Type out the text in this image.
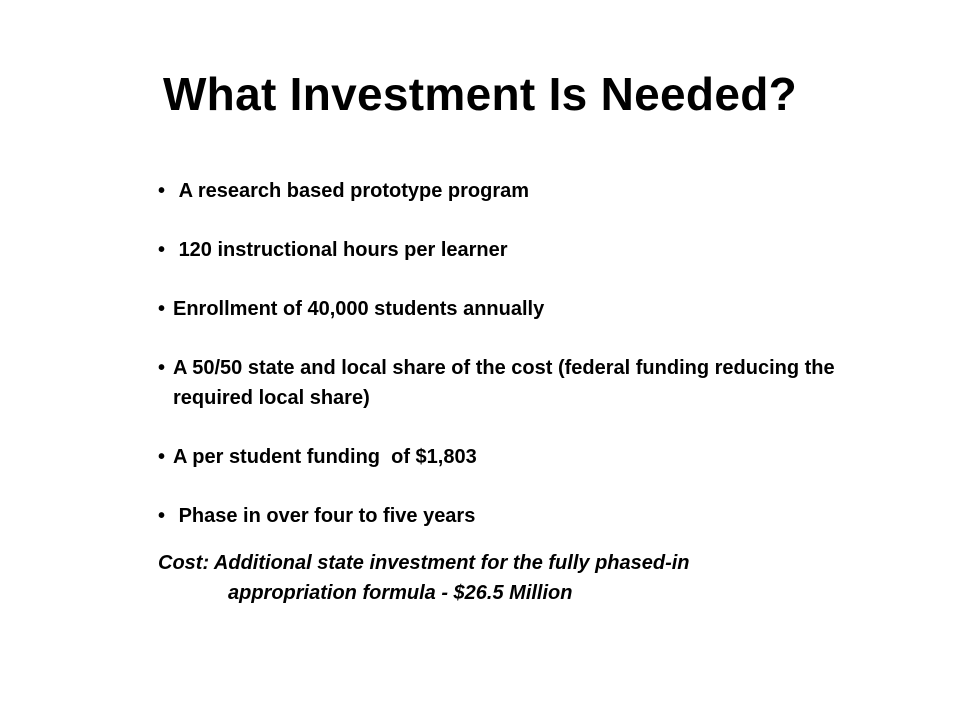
What Investment Is Needed?
• A research based prototype program
• 120 instructional hours per learner
• Enrollment of 40,000 students annually
• A 50/50 state and local share of the cost (federal funding reducing the required local share)
• A per student funding  of $1,803
• Phase in over four to five years
Cost: Additional state investment for the fully phased-in
appropriation formula - $26.5 Million
